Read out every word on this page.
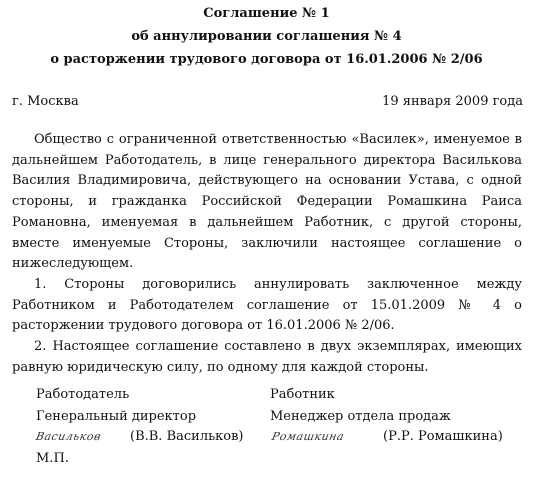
Соглашение № 1
об аннулировании соглашения № 4
о расторжении трудового договора от 16.01.2006 № 2/06
г. Москва	19 января 2009 года

Общество с ограниченной ответственностью «Василек», именуемое в дальнейшем Работодатель, в лице генерального директора Василькова Василия Владимировича, действующего на основании Устава, с одной стороны, и гражданка Российской Федерации Ромашкина Раиса Романовна, именуемая в дальнейшем Работник, с другой стороны, вместе именуемые Стороны, заключили настоящее соглашение о нижеследующем.

1. Стороны договорились аннулировать заключенное между Работником и Работодателем соглашение от 15.01.2009 № 4 о расторжении трудового договора от 16.01.2006 № 2/06.

2. Настоящее соглашение составлено в двух экземплярах, имеющих равную юридическую силу, по одному для каждой стороны.

Работодатель
Генеральный директор
Васильков (В.В. Васильков)
М.П.
Работник
Менеджер отдела продаж
Ромашкина	(Р.Р. Ромашкина)
